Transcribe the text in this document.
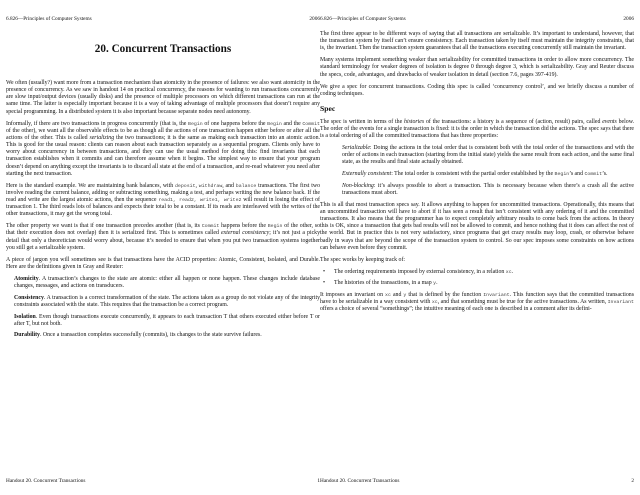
6.826—Principles of Computer Systems	2006
20. Concurrent Transactions

We often (usually?) want more from a transaction mechanism than atomicity in the presence of failures: we also want atomicity in the presence of concurrency. As we saw in handout 14 on practical concurrency, the reasons for wanting to run transactions concurrently are slow input/output devices (usually disks) and the presence of multiple processors on which different transactions can run at the same time. The latter is especially important because it is a way of taking advantage of multiple processors that doesn’t require any special programming. In a distributed system it is also important because separate nodes need autonomy.

Informally, if there are two transactions in progress concurrently (that is, the Begin of one happens before the Begin and the Commit of the other), we want all the observable effects to be as though all the actions of one transaction happen either before or after all the actions of the other. This is called serializing the two transactions; it is the same as making each transaction into an atomic action. This is good for the usual reason: clients can reason about each transaction separately as a sequential program. Clients only have to worry about concurrency in between transactions, and they can use the usual method for doing this: find invariants that each transaction establishes when it commits and can therefore assume when it begins. The simplest way to ensure that your program doesn’t depend on anything except the invariants is to discard all state at the end of a transaction, and re-read whatever you need after starting the next transaction.

Here is the standard example. We are maintaining bank balances, with deposit, withdraw, and balance transactions. The first two involve reading the current balance, adding or subtracting something, making a test, and perhaps writing the new balance back. If the read and write are the largest atomic actions, then the sequence read1, read2, write1, write2 will result in losing the effect of transaction 1. The third reads lots of balances and expects their total to be a constant. If its reads are interleaved with the writes of the other transactions, it may get the wrong total.

The other property we want is that if one transaction precedes another (that is, its Commit happens before the Begin of the other, so that their execution does not overlap) then it is serialized first. This is sometimes called external consistency; it’s not just a picky detail that only a theoretician would worry about, because it’s needed to ensure that when you put two transaction systems together you still get a serializable system.

A piece of jargon you will sometimes see is that transactions have the ACID properties: Atomic, Consistent, Isolated, and Durable. Here are the definitions given in Gray and Reuter:

Atomicity. A transaction’s changes to the state are atomic: either all happen or none happen. These changes include database changes, messages, and actions on transducers.
Consistency. A transaction is a correct transformation of the state. The actions taken as a group do not violate any of the integrity constraints associated with the state. This requires that the transaction be a correct program.
Isolation. Even though transactions execute concurrently, it appears to each transaction T that others executed either before T or after T, but not both.
Durability. Once a transaction completes successfully (commits), its changes to the state survive failures.
Handout 20. Concurrent Transactions	1
6.826—Principles of Computer Systems	2006

The first three appear to be different ways of saying that all transactions are serializable. It’s important to understand, however, that the transaction system by itself can’t ensure consistency. Each transaction taken by itself must maintain the integrity constraints, that is, the invariant. Then the transaction system guarantees that all the transactions executing concurrently still maintain the invariant.

Many systems implement something weaker than serializability for committed transactions in order to allow more concurrency. The standard terminology for weaker degrees of isolation is degree 0 through degree 3, which is serializability. Gray and Reuter discuss the specs, code, advantages, and drawbacks of weaker isolation in detail (section 7.6, pages 397-419).

We give a spec for concurrent transactions. Coding this spec is called ‘concurrency control’, and we briefly discuss a number of coding techniques.

Spec

The spec is written in terms of the histories of the transactions: a history is a sequence of (action, result) pairs, called events below. The order of the events for a single transaction is fixed: it is the order in which the transaction did the actions. The spec says that there is a total ordering of all the committed transactions that has three properties:

Serializable: Doing the actions in the total order that is consistent both with the total order of the transactions and with the order of actions in each transaction (starting from the initial state) yields the same result from each action, and the same final state, as the results and final state actually obtained.
Externally consistent: The total order is consistent with the partial order established by the Begin’s and Commit’s.
Non-blocking: it’s always possible to abort a transaction. This is necessary because when there’s a crash all the active transactions must abort.

This is all that most transaction specs say. It allows anything to happen for uncommitted transactions. Operationally, this means that an uncommitted transaction will have to abort if it has seen a result that isn’t consistent with any ordering of it and the committed transactions. It also means that the programmer has to expect completely arbitrary results to come back from the actions. In theory this is OK, since a transaction that gets bad results will not be allowed to commit, and hence nothing that it does can affect the rest of the world. But in practice this is not very satisfactory, since programs that get crazy results may loop, crash, or otherwise behave badly in ways that are beyond the scope of the transaction system to control. So our spec imposes some constraints on how actions can behave even before they commit.

The spec works by keeping track of:

• The ordering requirements imposed by external consistency, in a relation xc.
• The histories of the transactions, in a map y.

It imposes an invariant on xc and y that is defined by the function Invariant. This function says that the committed transactions have to be serializable in a way consistent with xc, and that something must be true for the active transactions. As written, Invariant offers a choice of several “somethings”; the intuitive meaning of each one is described in a comment after its defini-

Handout 20. Concurrent Transactions	2
